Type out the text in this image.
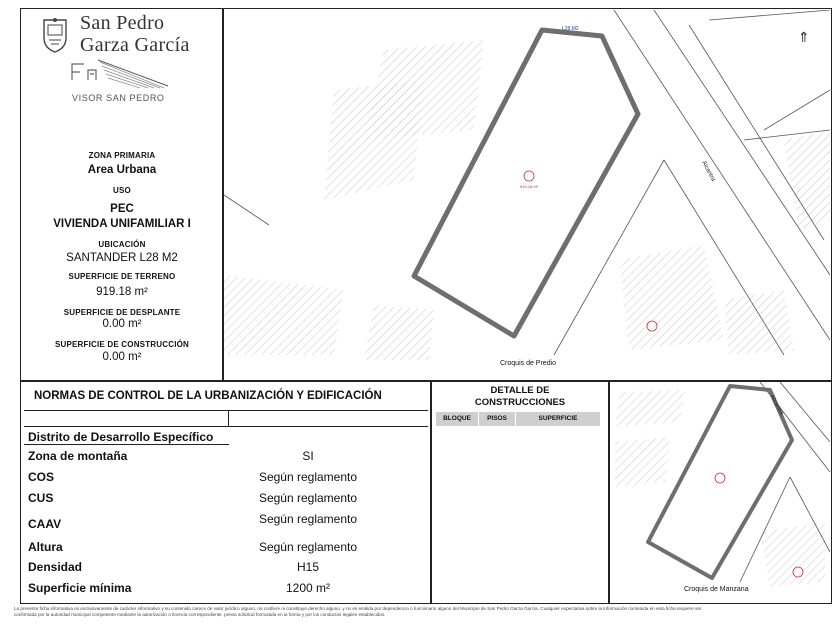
San Pedro
Garza García
VISOR SAN PEDRO
ZONA PRIMARIA
Area Urbana
USO
PEC
VIVIENDA UNIFAMILIAR I
UBICACIÓN
SANTANDER L28 M2
SUPERFICIE DE TERRENO
919.18 m²
SUPERFICIE DE DESPLANTE
0.00 m²
SUPERFICIE DE CONSTRUCCIÓN
0.00 m²
919.18 m²
L28 M2
Alcantra
⇑
Croquis de Predio
NORMAS DE CONTROL DE LA URBANIZACIÓN Y EDIFICACIÓN
Distrito de Desarrollo Específico
Zona de montaña	SI
COS	Según reglamento
CUS	Según reglamento
CAAV	Según reglamento
Altura	Según reglamento
Densidad	H15
Superficie mínima	1200 m²
DETALLE DE
CONSTRUCCIONES
BLOQUE	PISOS	SUPERFICIE
Alcantra
Croquis de Manzana
La presente ficha informativa es exclusivamente de carácter informativo y su contenido carece de valor jurídico alguno, no confiere ni constituye derecho alguno, y no es emitida por dependencia o funcionario alguno del Municipio de San Pedro Garza García. Cualquier expectativa sobre la información contenida en esta ficha requiere ser
confirmada por la autoridad municipal competente mediante la autorización o licencia correspondiente, previa solicitud formulada en la forma y por los conductos legales establecidos.
